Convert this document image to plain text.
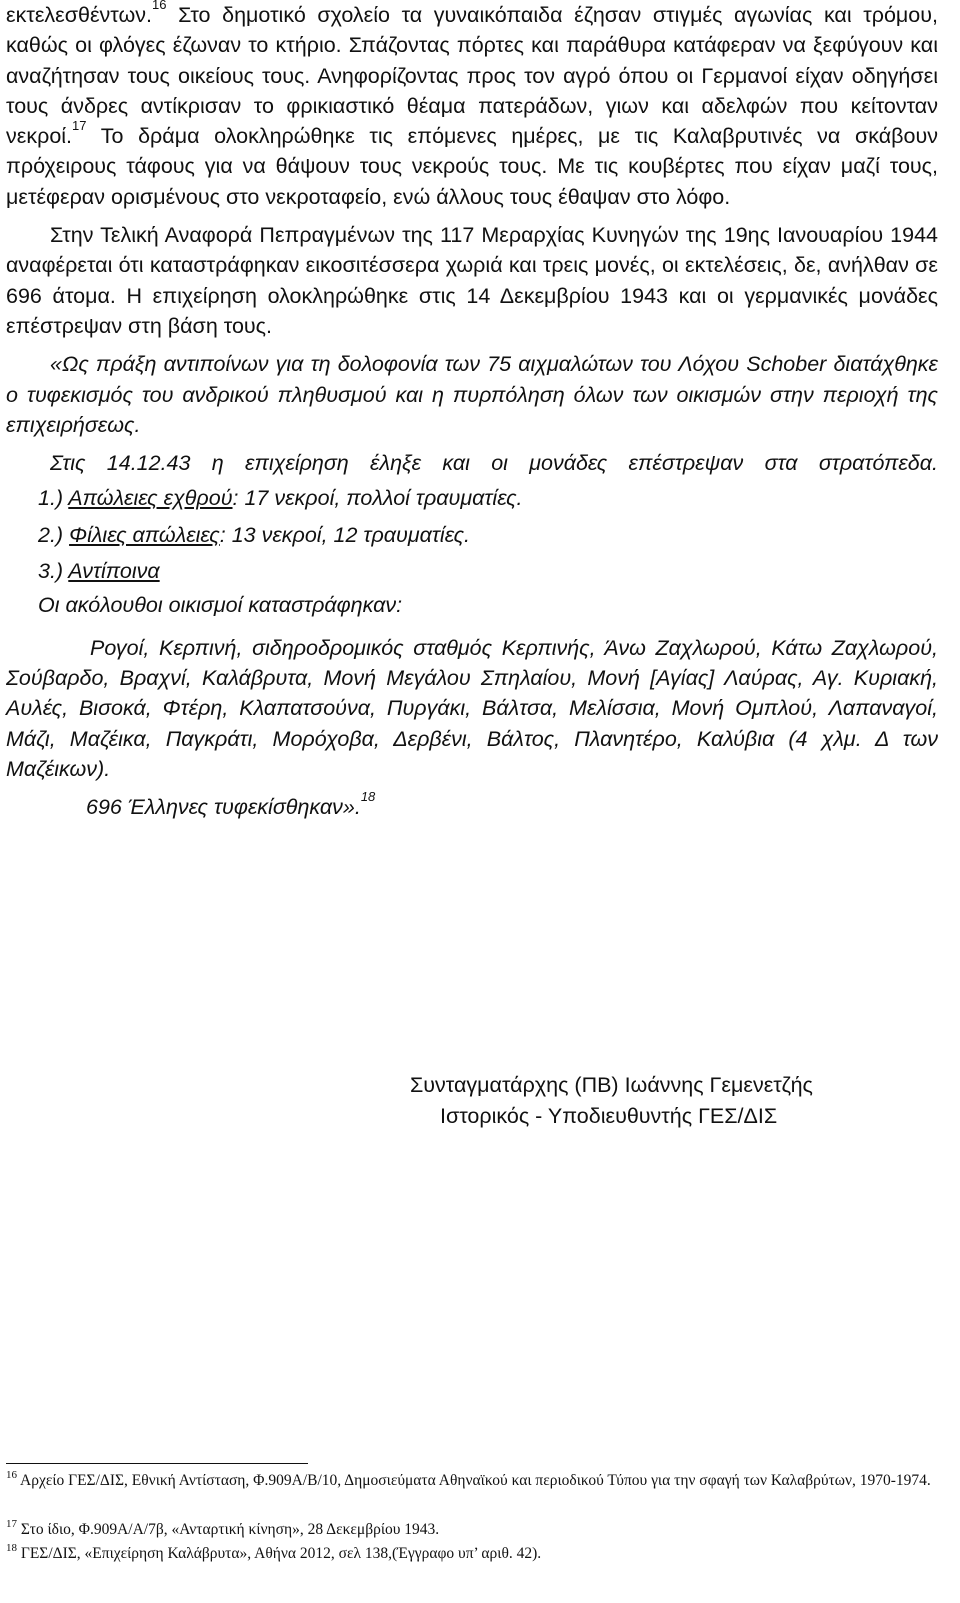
εκτελεσθέντων.$^{16}$ Στο δημοτικό σχολείο τα γυναικόπαιδα έζησαν στιγμές αγωνίας και τρόμου, καθώς οι φλόγες έζωναν το κτήριο. Σπάζοντας πόρτες και παράθυρα κατάφεραν να ξεφύγουν και αναζήτησαν τους οικείους τους. Ανηφορίζοντας προς τον αγρό όπου οι Γερμανοί είχαν οδηγήσει τους άνδρες αντίκρισαν το φρικιαστικό θέαμα πατεράδων, γιων και αδελφών που κείτονταν νεκροί.$^{17}$ Το δράμα ολοκληρώθηκε τις επόμενες ημέρες, με τις Καλαβρυτινές να σκάβουν πρόχειρους τάφους για να θάψουν τους νεκρούς τους. Με τις κουβέρτες που είχαν μαζί τους, μετέφεραν ορισμένους στο νεκροταφείο, ενώ άλλους τους έθαψαν στο λόφο.

Στην Τελική Αναφορά Πεπραγμένων της 117 Μεραρχίας Κυνηγών της 19ης Ιανουαρίου 1944 αναφέρεται ότι καταστράφηκαν εικοσιτέσσερα χωριά και τρεις μονές, οι εκτελέσεις, δε, ανήλθαν σε 696 άτομα. Η επιχείρηση ολοκληρώθηκε στις 14 Δεκεμβρίου 1943 και οι γερμανικές μονάδες επέστρεψαν στη βάση τους.

«Ως πράξη αντιποίνων για τη δολοφονία των 75 αιχμαλώτων του Λόχου Schober διατάχθηκε ο τυφεκισμός του ανδρικού πληθυσμού και η πυρπόληση όλων των οικισμών στην περιοχή της επιχειρήσεως.

Στις 14.12.43 η επιχείρηση έληξε και οι μονάδες επέστρεψαν στα στρατόπεδα.

1.) Απώλειες εχθρού: 17 νεκροί, πολλοί τραυματίες.

2.) Φίλιες απώλειες: 13 νεκροί, 12 τραυματίες.

3.) Αντίποινα

Οι ακόλουθοι οικισμοί καταστράφηκαν:

Ρογοί, Κερπινή, σιδηροδρομικός σταθμός Κερπινής, Άνω Ζαχλωρού, Κάτω Ζαχλωρού, Σούβαρδο, Βραχνί, Καλάβρυτα, Μονή Μεγάλου Σπηλαίου, Μονή [Αγίας] Λαύρας, Αγ. Κυριακή, Αυλές, Βισοκά, Φτέρη, Κλαπατσούνα, Πυργάκι, Βάλτσα, Μελίσσια, Μονή Ομπλού, Λαπαναγοί, Μάζι, Μαζέικα, Παγκράτι, Μορόχοβα, Δερβένι, Βάλτος, Πλανητέρο, Καλύβια (4 χλμ. Δ των Μαζέικων).

696 Έλληνες τυφεκίσθηκαν».$^{18}$

Συνταγματάρχης (ΠΒ) Ιωάννης Γεμενετζής
Ιστορικός - Υποδιευθυντής ΓΕΣ/ΔΙΣ
$^{16}$ Αρχείο ΓΕΣ/ΔΙΣ, Εθνική Αντίσταση, Φ.909Α/Β/10, Δημοσιεύματα Αθηναϊκού και περιοδικού Τύπου για την σφαγή των Καλαβρύτων, 1970-1974.
$^{17}$ Στο ίδιο, Φ.909Α/Α/7β, «Ανταρτική κίνηση», 28 Δεκεμβρίου 1943.
$^{18}$ ΓΕΣ/ΔΙΣ, «Επιχείρηση Καλάβρυτα», Αθήνα 2012, σελ 138,(Έγγραφο υπ’ αριθ. 42).
